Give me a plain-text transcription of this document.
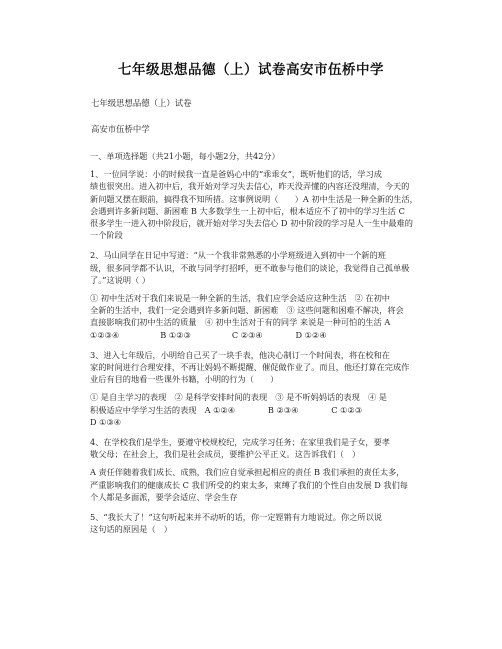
七年级思想品德（上）试卷高安市伍桥中学
七年级思想品德（上）试卷
高安市伍桥中学

一、单项选择题（共21小题，每小题2分，共42分）

1、一位同学说：小的时候我一直是爸妈心中的“乖乖女”，既听他们的话，学习成

绩也很突出。进入初中后，我开始对学习失去信心，昨天没弄懂的内容还没理清，今天的

新问题又摆在眼前，搞得我不知所措。这事例说明（　　）A 初中生活是一种全新的生活，

会遇到许多新问题、新困难 B 大多数学生一上初中后，根本适应不了初中的学习生活 C

很多学生一进入初中阶段后，就开始对学习失去信心 D 初中阶段的学习是人一生中最难的

一个阶段

2、马山同学在日记中写道：“从一个我非常熟悉的小学班级进入到初中一个新的班

级，很多同学都不认识，不敢与同学打招呼，更不敢参与他们的谈论，我觉得自己孤单极

了。”这说明（ ）

① 初中生活对于我们来说是一种全新的生活，我们应学会适应这种生活　② 在初中

全新的生活中，我们一定会遇到许多新问题、新困难　③ 这些问题和困难不解决，将会

直接影响我们初中生活的质量　④ 初中生活对于有的同学 来说是一种可怕的生活 A

①②③④　　　　　B ①②③　　　　　C ②③④　　　　D ①②④

3、进入七年级后，小明给自己买了一块手表，他决心制订一个时间表，将在校和在

家的时间进行合理安排，不再让妈妈不断提醒、催促做作业了。而且，他还打算在完成作

业后有目的地看一些课外书籍，小明的行为（　　）

① 是自主学习的表现　② 是科学安排时间的表现　③ 是不听妈妈话的表现　④ 是

积极适应中学学习生活的表现　A ①②④　　　　B ②③④　　　　C ①②③

D ①③④

4、在学校我们是学生，要遵守校规校纪，完成学习任务；在家里我们是子女，要孝

敬父母；在社会上，我们是社会成员，要维护公平正义。这告诉我们（　）

A 责任伴随着我们成长、成熟，我们应自觉承担起相应的责任 B 我们承担的责任太多，

严重影响我们的健康成长 C 我们所受的约束太多，束缚了我们的个性自由发展 D 我们每

个人都是多面派，要学会适应、学会生存

5、“我长大了！”这句听起来并不动听的话，你一定铿锵有力地说过。你之所以说

这句话的原因是（　）
